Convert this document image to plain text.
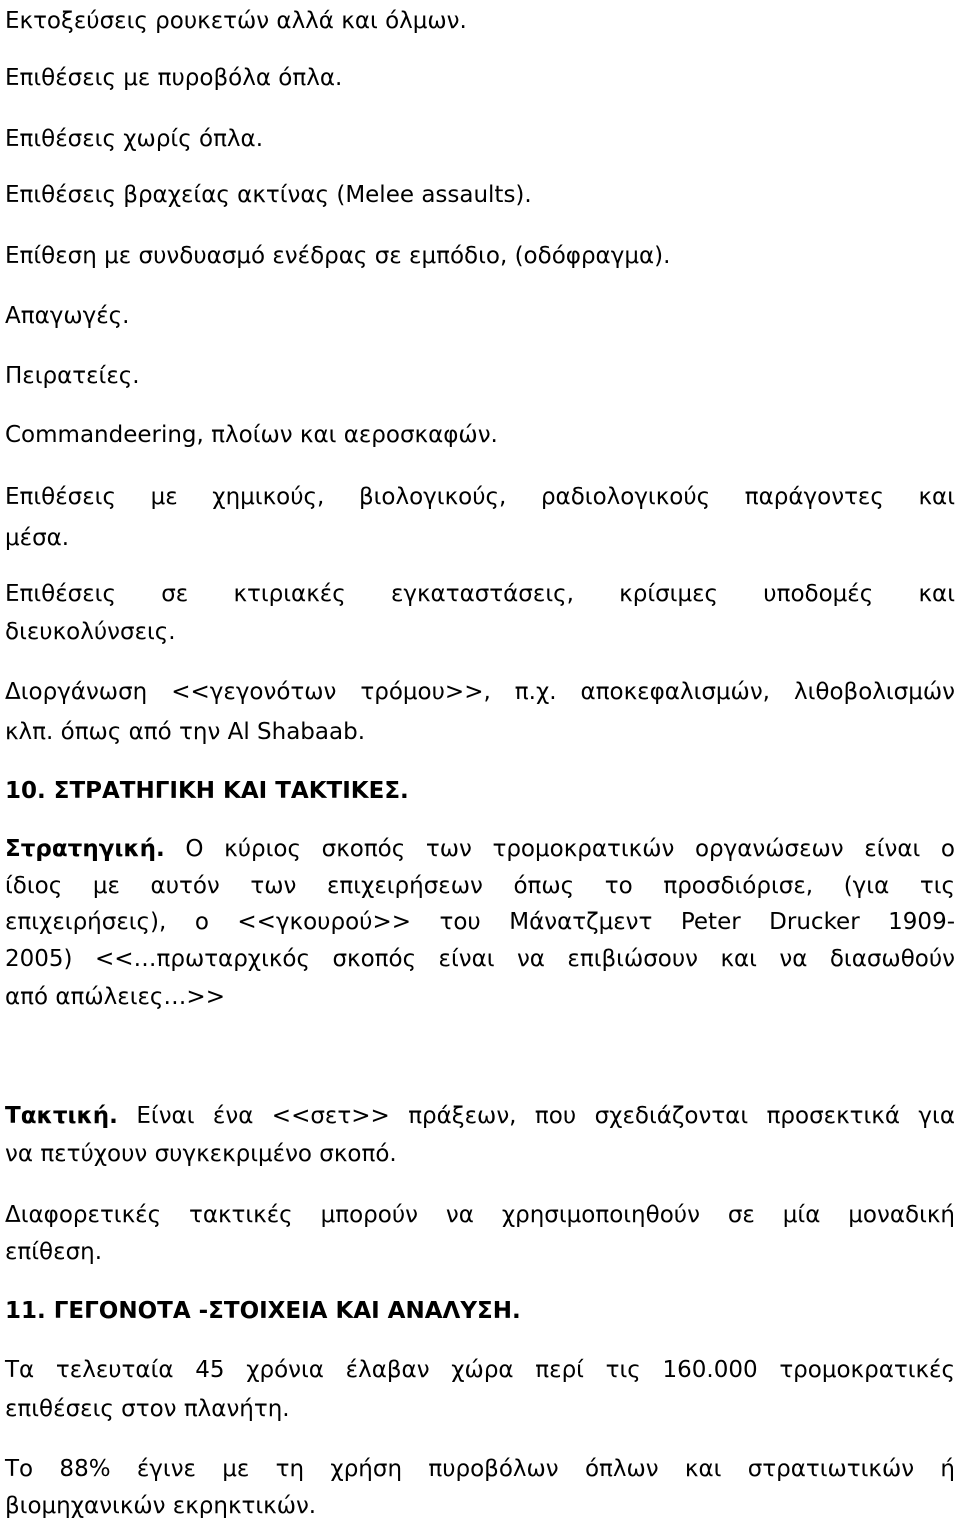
Εκτοξεύσεις ρουκετών αλλά και όλμων.
Επιθέσεις με πυροβόλα όπλα.
Επιθέσεις χωρίς όπλα.
Επιθέσεις βραχείας ακτίνας (Melee assaults).
Επίθεση με συνδυασμό ενέδρας σε εμπόδιο, (οδόφραγμα).
Απαγωγές.
Πειρατείες.
Commandeering, πλοίων και αεροσκαφών.
Επιθέσεις με χημικούς, βιολογικούς, ραδιολογικούς παράγοντες και
μέσα.
Επιθέσεις σε κτιριακές εγκαταστάσεις, κρίσιμες υποδομές και
διευκολύνσεις.
Διοργάνωση <<γεγονότων τρόμου>>, π.χ. αποκεφαλισμών, λιθοβολισμών
κλπ. όπως από την Al Shabaab.
10. ΣΤΡΑΤΗΓΙΚΗ ΚΑΙ ΤΑΚΤΙΚΕΣ.
Στρατηγική. Ο κύριος σκοπός των τρομοκρατικών οργανώσεων είναι ο
ίδιος με αυτόν των επιχειρήσεων όπως το προσδιόρισε, (για τις
επιχειρήσεις), ο <<γκουρού>> του Μάνατζμεντ Peter Drucker 1909-
2005) <<…πρωταρχικός σκοπός είναι να επιβιώσουν και να διασωθούν
από απώλειες…>>
Τακτική. Είναι ένα <<σετ>> πράξεων, που σχεδιάζονται προσεκτικά για
να πετύχουν συγκεκριμένο σκοπό.
Διαφορετικές τακτικές μπορούν να χρησιμοποιηθούν σε μία μοναδική
επίθεση.
11. ΓΕΓΟΝΟΤΑ -ΣΤΟΙΧΕΙΑ ΚΑΙ ΑΝΑΛΥΣΗ.
Τα τελευταία 45 χρόνια έλαβαν χώρα περί τις 160.000 τρομοκρατικές
επιθέσεις στον πλανήτη.
Το 88% έγινε με τη χρήση πυροβόλων όπλων και στρατιωτικών ή
βιομηχανικών εκρηκτικών.
